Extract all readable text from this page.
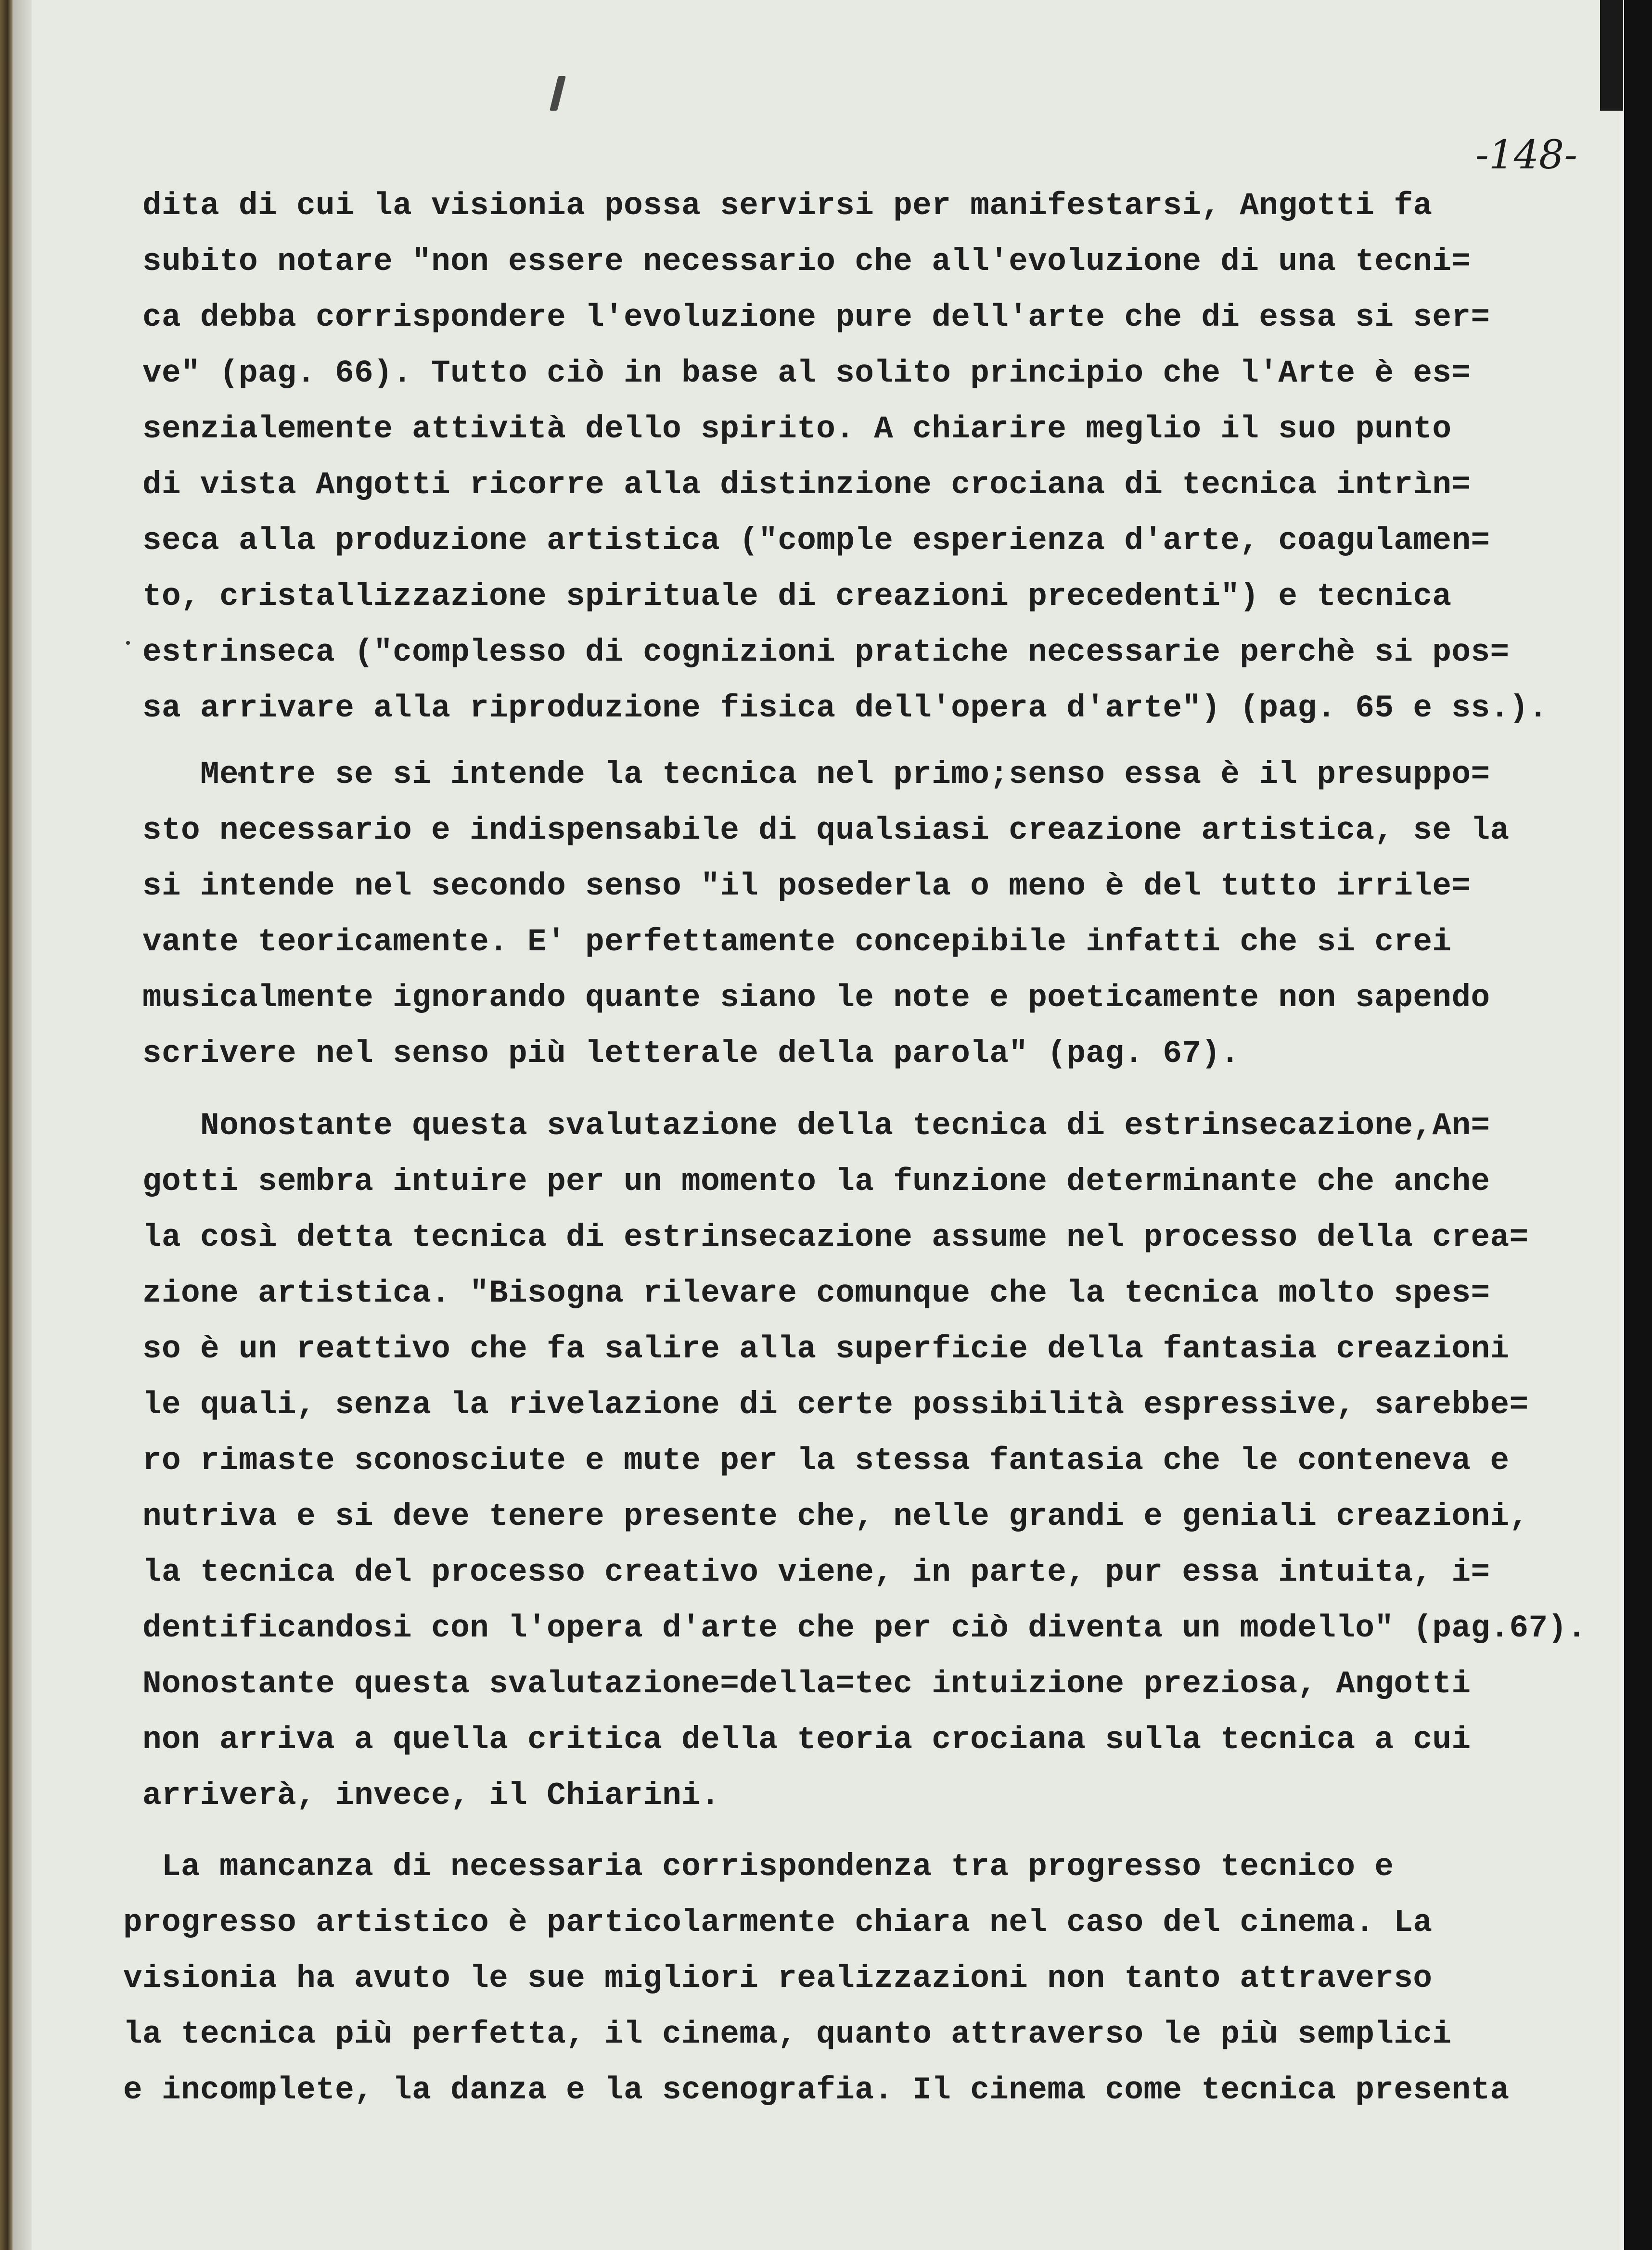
-148-
dita di cui la visionia possa servirsi per manifestarsi, Angotti fa
subito notare "non essere necessario che all'evoluzione di una tecni=
ca debba corrispondere l'evoluzione pure dell'arte che di essa si ser=
ve" (pag. 66). Tutto ciò in base al solito principio che l'Arte è es=
senzialemente attività dello spirito. A chiarire meglio il suo punto
di vista Angotti ricorre alla distinzione crociana di tecnica intrìn=
seca alla produzione artistica ("comple esperienza d'arte, coagulamen=
to, cristallizzazione spirituale di creazioni precedenti") e tecnica
estrinseca ("complesso di cognizioni pratiche necessarie perchè si pos=
sa arrivare alla riproduzione fisica dell'opera d'arte") (pag. 65 e ss.).
Mentre se si intende la tecnica nel primo;senso essa è il presuppo=
sto necessario e indispensabile di qualsiasi creazione artistica, se la
si intende nel secondo senso "il posederla o meno è del tutto irrile=
vante teoricamente. E' perfettamente concepibile infatti che si crei
musicalmente ignorando quante siano le note e poeticamente non sapendo
scrivere nel senso più letterale della parola" (pag. 67).
Nonostante questa svalutazione della tecnica di estrinsecazione,An=
gotti sembra intuire per un momento la funzione determinante che anche
la così detta tecnica di estrinsecazione assume nel processo della crea=
zione artistica. "Bisogna rilevare comunque che la tecnica molto spes=
so è un reattivo che fa salire alla superficie della fantasia creazioni
le quali, senza la rivelazione di certe possibilità espressive, sarebbe=
ro rimaste sconosciute e mute per la stessa fantasia che le conteneva e
nutriva e si deve tenere presente che, nelle grandi e geniali creazioni,
la tecnica del processo creativo viene, in parte, pur essa intuita, i=
dentificandosi con l'opera d'arte che per ciò diventa un modello" (pag.67).
Nonostante questa svalutazione=della=tec intuizione preziosa, Angotti
non arriva a quella critica della teoria crociana sulla tecnica a cui
arriverà, invece, il Chiarini.
La mancanza di necessaria corrispondenza tra progresso tecnico e
progresso artistico è particolarmente chiara nel caso del cinema. La
visionia ha avuto le sue migliori realizzazioni non tanto attraverso
la tecnica più perfetta, il cinema, quanto attraverso le più semplici
e incomplete, la danza e la scenografia. Il cinema come tecnica presenta
